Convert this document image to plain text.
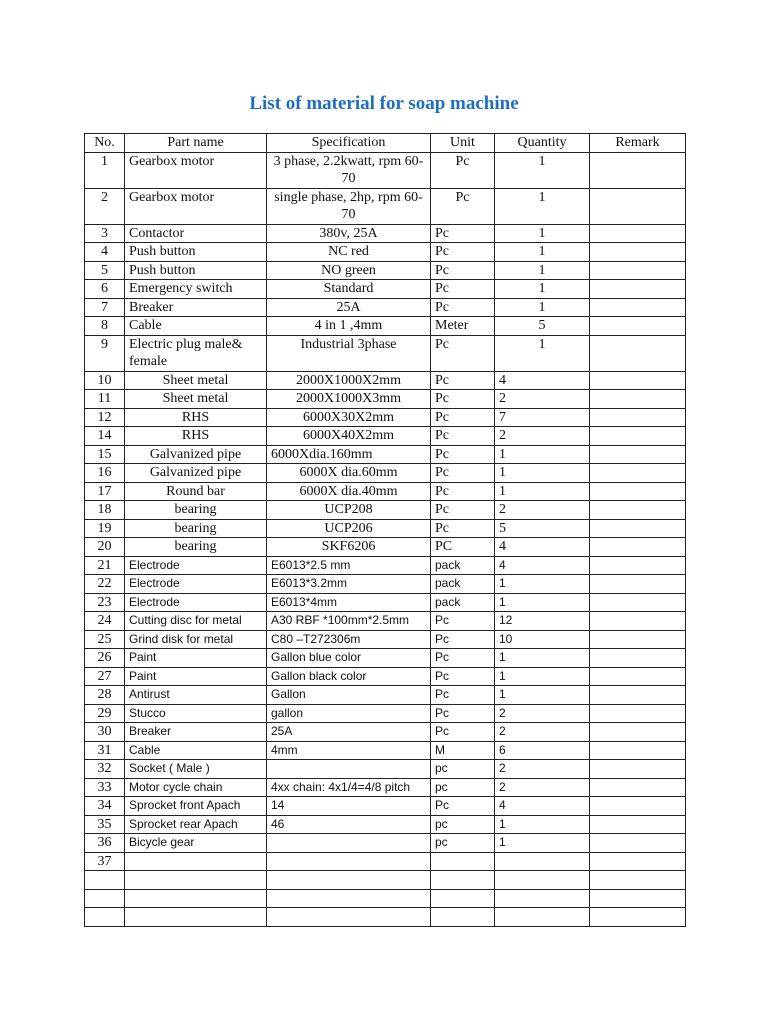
List of material for soap machine
No.	Part name	Specification	Unit	Quantity	Remark
1	Gearbox motor	3 phase, 2.2kwatt, rpm 60-70	Pc	1	
2	Gearbox motor	single phase, 2hp, rpm 60-70	Pc	1	
3	Contactor	380v, 25A	Pc	1	
4	Push button	NC red	Pc	1	
5	Push button	NO green	Pc	1	
6	Emergency switch	Standard	Pc	1	
7	Breaker	25A	Pc	1	
8	Cable	4 in 1 ,4mm	Meter	5	
9	Electric plug male& female	Industrial 3phase	Pc	1	
10	Sheet metal	2000X1000X2mm	Pc	4	
11	Sheet metal	2000X1000X3mm	Pc	2	
12	RHS	6000X30X2mm	Pc	7	
14	RHS	6000X40X2mm	Pc	2	
15	Galvanized pipe	6000Xdia.160mm	Pc	1	
16	Galvanized pipe	6000X dia.60mm	Pc	1	
17	Round bar	6000X dia.40mm	Pc	1	
18	bearing	UCP208	Pc	2	
19	bearing	UCP206	Pc	5	
20	bearing	SKF6206	PC	4	
21	Electrode	E6013*2.5 mm	pack	4	
22	Electrode	E6013*3.2mm	pack	1	
23	Electrode	E6013*4mm	pack	1	
24	Cutting disc for metal	A30 RBF *100mm*2.5mm	Pc	12	
25	Grind disk for metal	C80 –T272306m	Pc	10	
26	Paint	Gallon blue color	Pc	1	
27	Paint	Gallon black color	Pc	1	
28	Antirust	Gallon	Pc	1	
29	Stucco	gallon	Pc	2	
30	Breaker	25A	Pc	2	
31	Cable	4mm	M	6	
32	Socket ( Male )		pc	2	
33	Motor cycle chain	4xx chain: 4x1/4=4/8 pitch	pc	2	
34	Sprocket front Apach	14	Pc	4	
35	Sprocket rear Apach	46	pc	1	
36	Bicycle gear		pc	1	
37					
